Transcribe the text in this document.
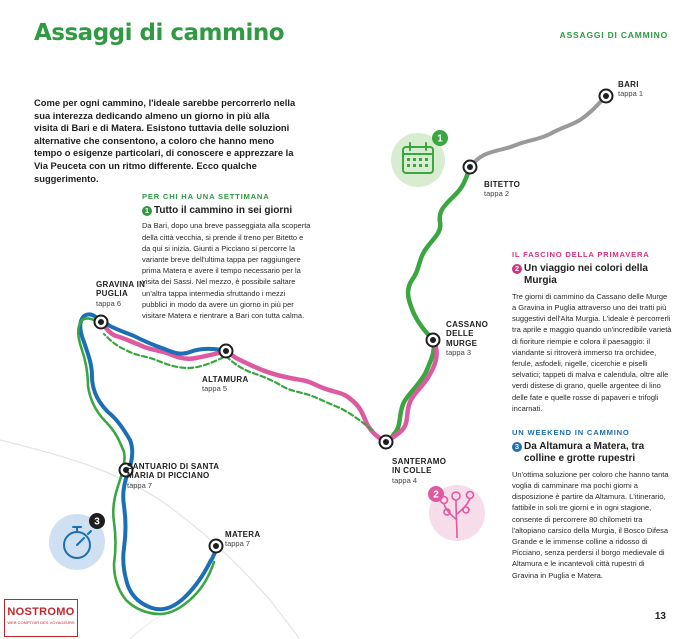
1
2
3
Assaggi di cammino	ASSAGGI DI CAMMINO
Come per ogni cammino, l'ideale sarebbe percorrerlo nella sua interezza dedicando almeno un giorno in più alla visita di Bari e di Matera. Esistono tuttavia delle soluzioni alternative che consentono, a coloro che hanno meno tempo o esigenze particolari, di conoscere e apprezzare la Via Peuceta con un ritmo differente. Ecco qualche suggerimento.
PER CHI HA UNA SETTIMANA
1 Tutto il cammino in sei giorni
Da Bari, dopo una breve passeggiata alla scoperta della città vecchia, si prende il treno per Bitetto e da qui si inizia. Giunti a Picciano si percorre la variante breve dell'ultima tappa per raggiungere prima Matera e avere il tempo necessario per la visita dei Sassi. Nel mezzo, è possibile saltare un'altra tappa intermedia sfruttando i mezzi pubblici in modo da avere un giorno in più per visitare Matera e rientrare a Bari con tutta calma.
IL FASCINO DELLA PRIMAVERA
2 Un viaggio nei colori della Murgia
Tre giorni di cammino da Cassano delle Murge a Gravina in Puglia attraverso uno dei tratti più suggestivi dell'Alta Murgia. L'ideale è percorrerli tra aprile e maggio quando un'incredibile varietà di fioriture riempie e colora il paesaggio: il viandante si ritroverà immerso tra orchidee, ferule, asfodeli, nigelle, cicerchie e piselli selvatici; tappeti di malva e calendula, oltre alle verdi distese di grano, quelle argentee di lino delle fate e quelle rosse di papaveri e trifogli incarnati.
UN WEEKEND IN CAMMINO
3 Da Altamura a Matera, tra colline e grotte rupestri
Un'ottima soluzione per coloro che hanno tanta voglia di camminare ma pochi giorni a disposizione è partire da Altamura. L'itinerario, fattibile in soli tre giorni e in ogni stagione, consente di percorrere 80 chilometri tra l'altopiano carsico della Murgia, il Bosco Difesa Grande e le immense colline a ridosso di Picciano, senza perdersi il borgo medievale di Altamura e le incantevoli città rupestri di Gravina in Puglia e Matera.
BARI
tappa 1
BITETTO
tappa 2
CASSANO DELLE MURGE
tappa 3
SANTERAMO IN COLLE
tappa 4
ALTAMURA
tappa 5
GRAVINA IN PUGLIA
tappa 6
SANTUARIO DI SANTA MARIA DI PICCIANO
tappa 7
MATERA
tappa 7
13
NOSTROMO
WEB COMPTOIR DES VOYAGEURS
